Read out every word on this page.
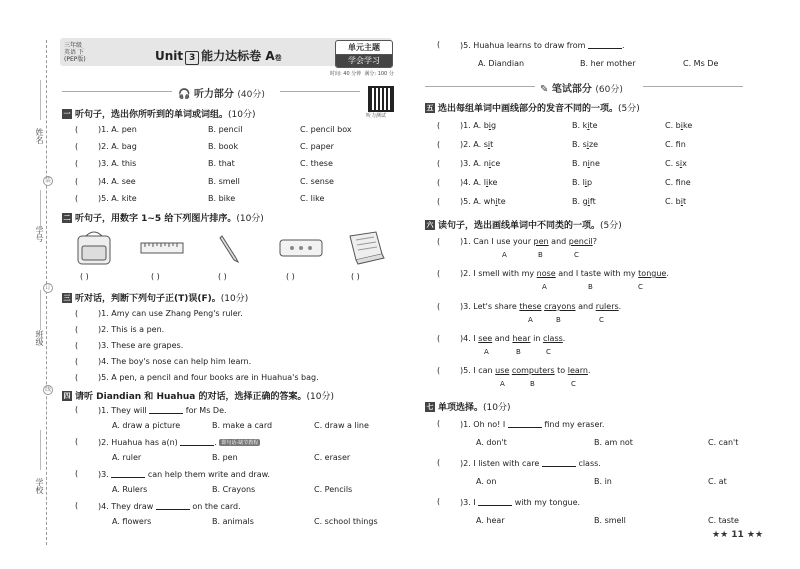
姓名
学号
班级
学校
装
订
线
三年级
英语 下
(PEP版)	Unit 3 能力达标卷 A卷
单元主题
学会学习
时间: 40 分钟 满分: 100 分
听力测试
🎧 听力部分 (40分)
一 听句子，选出你所听到的单词或词组。(10分)
( )1. A. pen	B. pencil	C. pencil box
( )2. A. bag	B. book	C. paper
( )3. A. this	B. that	C. these
( )4. A. see	B. smell	C. sense
( )5. A. kite	B. bike	C. like
二 听句子，用数字 1~5 给下列图片排序。(10分)
( )	( )	( )	( )	( )
三 听对话，判断下列句子正(T)误(F)。(10分)
( )1. Amy can use Zhang Peng's ruler.
( )2. This is a pen.
( )3. These are grapes.
( )4. The boy's nose can help him learn.
( )5. A pen, a pencil and four books are in Huahua's bag.
四 请听 Diandian 和 Huahua 的对话，选择正确的答案。(10分)
( )1. They will	for Ms De.
A. draw a picture	B. make a card	C. draw a line
( )2. Huahua has a(n)	. 即句话-缺节教程
A. ruler	B. pen	C. eraser
( )3.	can help them write and draw.
A. Rulers	B. Crayons	C. Pencils
( )4. They draw	on the card.
A. flowers	B. animals	C. school things
( )5. Huahua learns to draw from	.
A. Diandian	B. her mother	C. Ms De
✎ 笔试部分 (60分)
五 选出每组单词中画线部分的发音不同的一项。(5分)
( )1. A. big	B. kite	C. bike
( )2. A. sit	B. size	C. fn
( )3. A. nice	B. nine	C. six
( )4. A. like	B. lip	C. fne
( )5. A. white	B. gift	C. bit
六 读句子，选出画线单词中不同类的一项。(5分)
( )1. Can I use your pen and pencil?
A	B	C
( )2. I smell with my nose and I taste with my tongue.
A	B	C
( )3. Let's share these crayons and rulers.
A	B	C
( )4. I see and hear in class.
A	B	C
( )5. I can use computers to learn.
A	B	C
七 单项选择。(10分)
( )1. Oh no! I	find my eraser.
A. don't	B. am not	C. can't
( )2. I listen with care	class.
A. on	B. in	C. at
( )3. I	with my tongue.
A. hear	B. smell	C. taste
★★ 11 ★★
